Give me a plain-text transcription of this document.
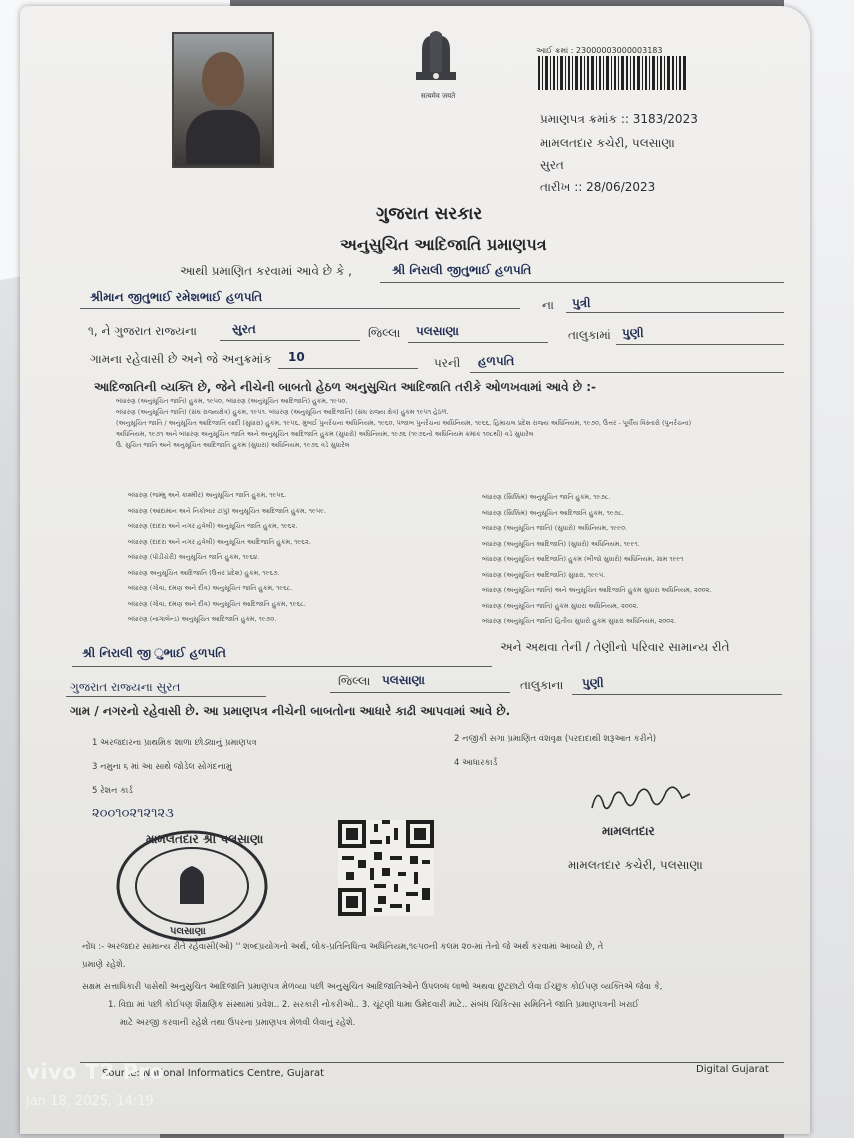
सत्यमेव जयते
આઈ ક્રમાં : 23000003000003183
પ્રમાણપત્ર ક્રમાંક :: 3183/2023
મામલતદાર કચેરી, પલસાણા
સુરત
તારીખ :: 28/06/2023
ગુજરાત સરકાર
અનુસુચિત આદિજાતિ પ્રમાણપત્ર
આથી પ્રમાણિત કરવામાં આવે છે કે ,	શ્રી નિરાલી જીતુભાઈ હળપતિ
શ્રીમાન જીતુભાઈ રમેશભાઈ હળપતિ
ના પુત્રી
૧, ને ગુજરાત રાજ્યના	સુરત	જિલ્લા પલસાણા	તાલુકામાં પુણી
ગામના રહેવાસી છે અને જે અનુક્રમાંક 10	પરની હળપતિ
આદિજાતિની વ્યક્તિ છે, જેને નીચેની બાબતો હેઠળ અનુસુચિત આદિજાતિ તરીકે ઓળખવામાં આવે છે :-
બંધારણ (અનુસૂચિત જાતિ) હુકમ, ૧૯૫૦, બંધારણ (અનુસૂચિત આદિજાતિ) હુકમ, ૧૯૫૦.
બંધારણ (અનુસૂચિત જાતિ) (સંઘ રાજ્યક્ષેત્ર) હુકમ, ૧૯૫૧. બંધારણ (અનુસૂચિત આદિજાતિ) (સંઘ રાજ્ય ક્ષેત્ર) હુકમ ૧૯૫૧ હેઠળ.
(અનુસૂચિત જાતિ / અનુસૂચિત આદિજાતિ યાદી (સુધારા) હુકમ, ૧૯૫૬, મુંબઈ પુનર્રચના અધિનિયમ, ૧૯૬૦, પંજાબ પુનર્રચના અધિનિયમ, ૧૯૬૬, હિમાચલ પ્રદેશ રાજ્ય અધિનિયમ, ૧૯૭૦, ઉત્તર - પૂર્વીય વિસ્તારો (પુનર્રચના)
અધિનિયમ, ૧૯૭૧ અને બંધારણ અનુસૂચિત જાતિ અને અનુસૂચિત આદિજાતિ હુકમ (સુધારો) અધિનિયમ, ૧૯૭૬ (૧૯૭૬નો અધિનિયમ ક્રમાંક ૧૦૮થી) વડે સુધારેલ
ઉ. સુચિત જાતિ અને અનુસૂચિત આદિજાતિ હુકમ (સુધારા) અધિનિયમ, ૧૯૭૬ વડે સુધારેલ
બંધારણ (જમ્મુ અને કાશ્મીર) અનુસૂચિત જાતિ હુકમ, ૧૯૫૬.
બંધારણ (આંદામાન અને નિકોબાર ટાપુ) અનુસૂચિત આદિજાતિ હુકમ, ૧૯૫૯.
બંધારણ (દાદરા અને નગર હવેલી) અનુસૂચિત જાતિ હુકમ, ૧૯૬૨.
બંધારણ (દાદરા અને નગર હવેલી) અનુસૂચિત આદિજાતિ હુકમ, ૧૯૬૨.
બંધારણ (પોંડીચેરી) અનુસૂચિત જાતિ હુકમ, ૧૯૬૪.
બંધારણ અનુસૂચિત આદિજાતિ (ઉત્તર પ્રદેશ) હુકમ, ૧૯૬૭.
બંધારણ (ગોવા, દમણ અને દીવ) અનુસૂચિત જાતિ હુકમ, ૧૯૬૮.
બંધારણ (ગોવા, દમણ અને દીવ) અનુસૂચિત આદિજાતિ હુકમ, ૧૯૬૮.
બંધારણ (નાગાલેન્ડ) અનુસૂચિત આદિજાતિ હુકમ, ૧૯૭૦.
બંધારણ (સિક્કિમ) અનુસૂચિત જાતિ હુકમ, ૧૯૭૮.
બંધારણ (સિક્કિમ) અનુસૂચિત આદિજાતિ હુકમ, ૧૯૭૮.
બંધારણ (અનુસૂચિત જાતિ) (સુધારો) અધિનિયમ, ૧૯૯૦.
બંધારણ (અનુસૂચિત આદિજાતિ) (સુધારો) અધિનિયમ, ૧૯૯૧.
બંધારણ (અનુસૂચિત આદિજાતિ) હુકમ (બીજો સુધારો) અધિનિયમ, ગ્રામ ૧૯૯૧
બંધારણ (અનુસૂચિત આદિજાતિ) સુધારા, ૧૯૯૫.
બંધારણ (અનુસૂચિત જાતિ) અને અનુસૂચિત આદિજાતિ હુકમ સુધારા અધિનિયમ, ૨૦૦૨.
બંધારણ (અનુસૂચિત જાતિ) હુકમ સુધારા અધિનિયમ, ૨૦૦૨.
બંધારણ (અનુસૂચિત જાતિ) હિતીય સુધારો હુકમ સુધારા અધિનિયમ, ૨૦૦૨.
શ્રી નિરાલી જી ુભાઈ હળપતિ	અને અથવા તેની / તેણીનો પરિવાર સામાન્ય રીતે
ગુજરાત રાજ્યના સુરત	જિલ્લા પલસાણા	તાલુકાના પુણી
ગામ / નગરનો રહેવાસી છે. આ પ્રમાણપત્ર નીચેની બાબતોના આધારે કાઢી આપવામાં આવે છે.
1 અરજદારના પ્રાથમિક શાળા છોડ્યાનું પ્રમાણપત્ર	2 નજીકી સગા પ્રમાણિત વંશવૃક્ષ (પરદાદાથી શરૂઆત કરીને)
3 નમુના ૬ માં આ સાથે જોડેલ સોગંદનામું	4 આધારકાર્ડ
5 રેશન કાર્ડ
૨૦૦૧૦૨૧૨૧૨૩
મામલતદાર શ્રી પલસાણા
પલસાણા
મામલતદાર
મામલતદાર કચેરી, પલસાણા
નોંધ :- અરજદાર સામાન્ય રીતે રહેવાસી(ઓ) '' શબ્દપ્રયોગનો અર્થ, લોક-પ્રતિનિધિત્વ અધિનિયમ,૧૯૫૦ની કલમ ૨૦-માં તેનો જે અર્થ કરવામાં આવ્યો છે, તે
પ્રમાણે રહેશે.
સક્ષમ સત્તાધિકારી પાસેથી અનુસુચિત આદિજાતિ પ્રમાણપત્ર મેળવ્યા પછી અનુસુચિત આદિજાતિઓને ઉપલબ્ધ લાભો અથવા છુટછાટો લેવા ઈચ્છુક કોઈપણ વ્યક્તિએ જેવા કે,
1. વિદ્યા માં પછી કોઈપણ શૈક્ષણિક સંસ્થામાં પ્રવેશ.. 2. સરકારી નોકરીઓ.. 3. ચૂંટણી ધામા ઉમેદવારી માટે.. સંબંધ ચિકિત્સા સમિતિને જાતિ પ્રમાણપત્રની ખરાઈ
માટે અરજી કરવાની રહેશે તથા ઉપરના પ્રમાણપત્ર મેળવી લેવાનું રહેશે.
Source: National Informatics Centre, Gujarat	Digital Gujarat
vivo T2 Pro
Jan 18, 2025, 14:19
